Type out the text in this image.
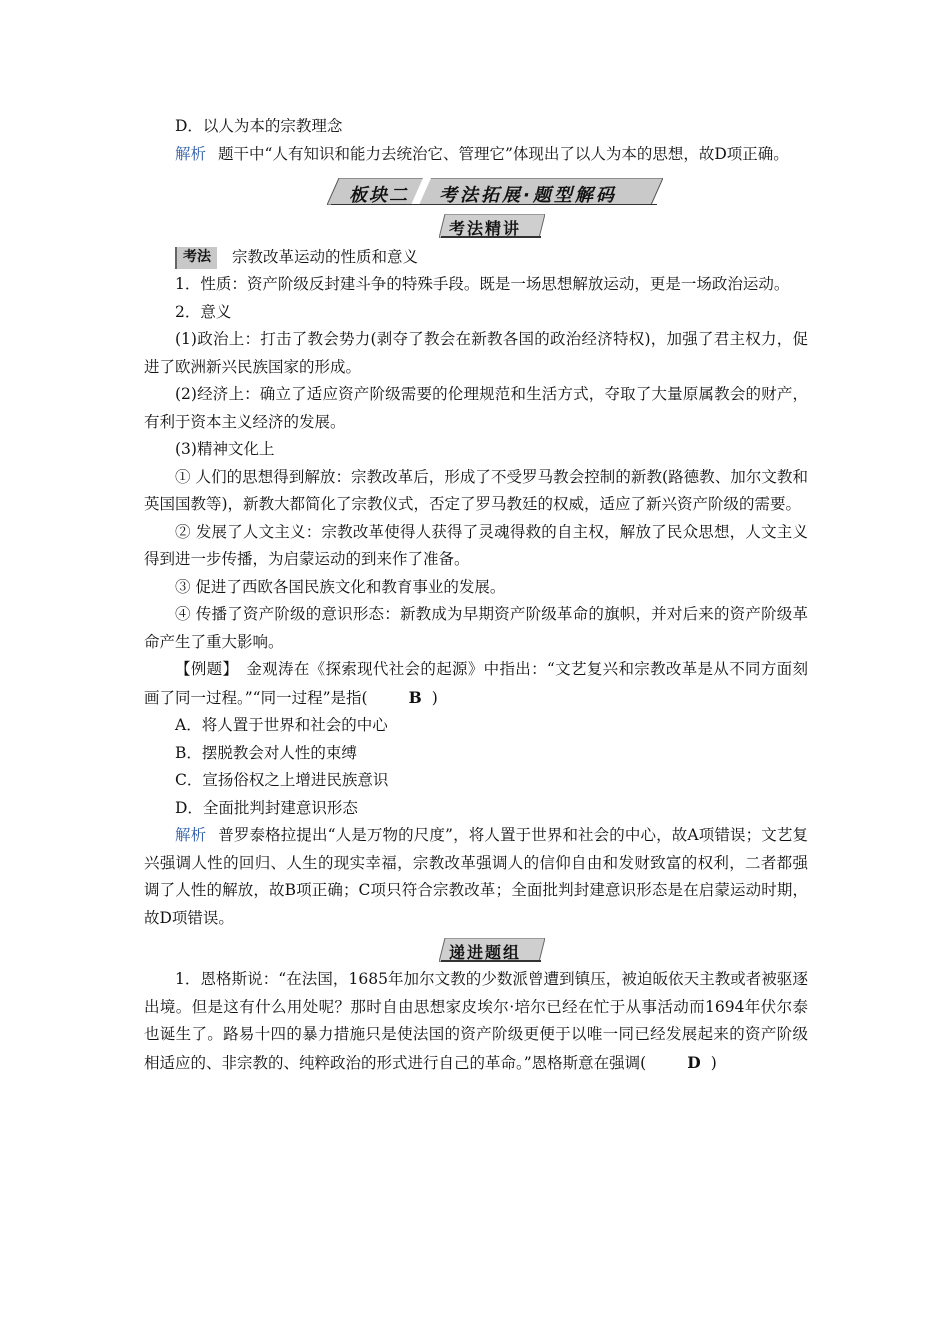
D．以人为本的宗教理念

解析 题干中“人有知识和能力去统治它、管理它”体现出了以人为本的思想，故D项正确。

板块二 考法拓展·题型解码
考法精讲
考法	宗教改革运动的性质和意义

1．性质：资产阶级反封建斗争的特殊手段。既是一场思想解放运动，更是一场政治运动。

2．意义

(1)政治上：打击了教会势力(剥夺了教会在新教各国的政治经济特权)，加强了君主权力，促进了欧洲新兴民族国家的形成。

(2)经济上：确立了适应资产阶级需要的伦理规范和生活方式，夺取了大量原属教会的财产，有利于资本主义经济的发展。

(3)精神文化上

① 人们的思想得到解放：宗教改革后，形成了不受罗马教会控制的新教(路德教、加尔文教和英国国教等)，新教大都简化了宗教仪式，否定了罗马教廷的权威，适应了新兴资产阶级的需要。

② 发展了人文主义：宗教改革使得人获得了灵魂得救的自主权，解放了民众思想，人文主义得到进一步传播，为启蒙运动的到来作了准备。

③ 促进了西欧各国民族文化和教育事业的发展。

④ 传播了资产阶级的意识形态：新教成为早期资产阶级革命的旗帜，并对后来的资产阶级革命产生了重大影响。

【例题】　 金观涛在《探索现代社会的起源》中指出：“文艺复兴和宗教改革是从不同方面刻画了同一过程。”“同一过程”是指(	B )

A．将人置于世界和社会的中心

B．摆脱教会对人性的束缚

C．宣扬俗权之上增进民族意识

D．全面批判封建意识形态

解析 普罗泰格拉提出“人是万物的尺度”，将人置于世界和社会的中心，故A项错误；文艺复兴强调人性的回归、人生的现实幸福，宗教改革强调人的信仰自由和发财致富的权利，二者都强调了人性的解放，故B项正确；C项只符合宗教改革；全面批判封建意识形态是在启蒙运动时期，故D项错误。

递进题组

1．恩格斯说：“在法国，1685年加尔文教的少数派曾遭到镇压，被迫皈依天主教或者被驱逐出境。但是这有什么用处呢？那时自由思想家皮埃尔·培尔已经在忙于从事活动而1694年伏尔泰也诞生了。路易十四的暴力措施只是使法国的资产阶级更便于以唯一同已经发展起来的资产阶级相适应的、非宗教的、纯粹政治的形式进行自己的革命。”恩格斯意在强调(	D )
